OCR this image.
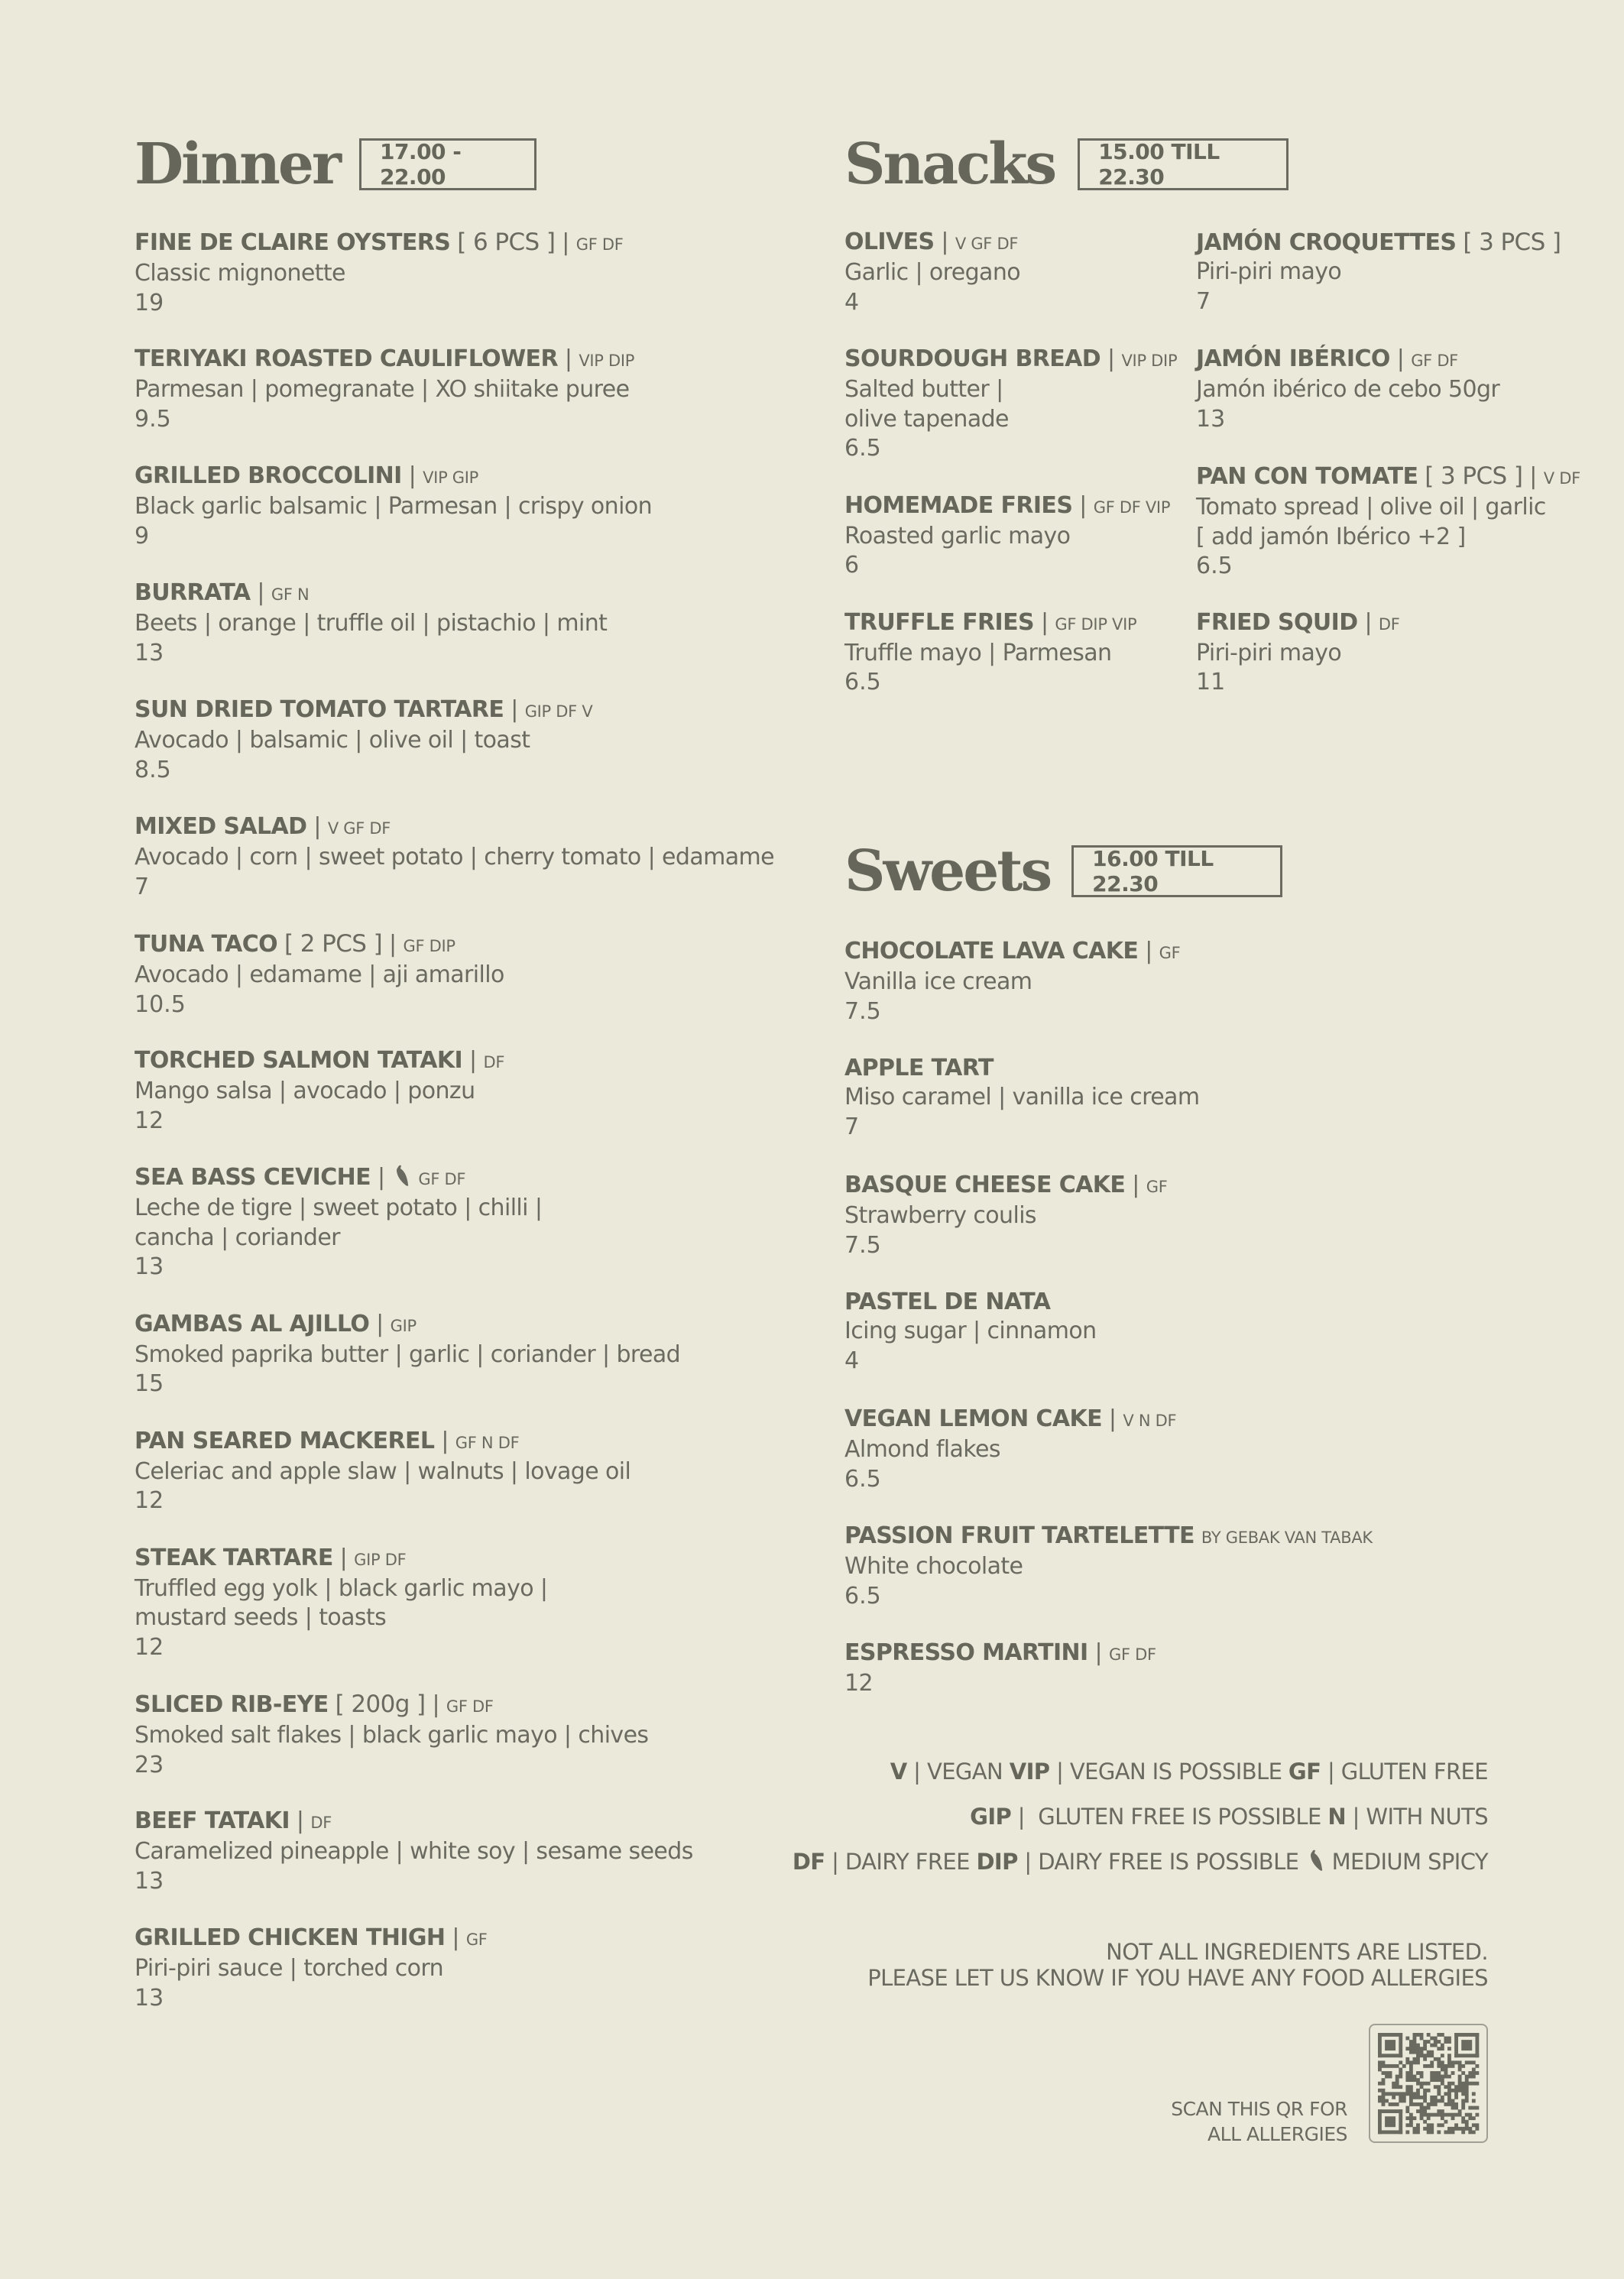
Dinner	17.00 - 22.00
FINE DE CLAIRE OYSTERS [ 6 PCS ] | GF DF
Classic mignonette
19
TERIYAKI ROASTED CAULIFLOWER | VIP DIP
Parmesan | pomegranate | XO shiitake puree
9.5
GRILLED BROCCOLINI | VIP GIP
Black garlic balsamic | Parmesan | crispy onion
9
BURRATA | GF N
Beets | orange | truffle oil | pistachio | mint
13
SUN DRIED TOMATO TARTARE | GIP DF V
Avocado | balsamic | olive oil | toast
8.5
MIXED SALAD | V GF DF
Avocado | corn | sweet potato | cherry tomato | edamame
7
TUNA TACO [ 2 PCS ] | GF DIP
Avocado | edamame | aji amarillo
10.5
TORCHED SALMON TATAKI | DF
Mango salsa | avocado | ponzu
12
SEA BASS CEVICHE |  GF DF
Leche de tigre | sweet potato | chilli |
cancha | coriander
13
GAMBAS AL AJILLO | GIP
Smoked paprika butter | garlic | coriander | bread
15
PAN SEARED MACKEREL | GF N DF
Celeriac and apple slaw | walnuts | lovage oil
12
STEAK TARTARE | GIP DF
Truffled egg yolk | black garlic mayo |
mustard seeds | toasts
12
SLICED RIB-EYE [ 200g ] | GF DF
Smoked salt flakes | black garlic mayo | chives
23
BEEF TATAKI | DF
Caramelized pineapple | white soy | sesame seeds
13
GRILLED CHICKEN THIGH | GF
Piri-piri sauce | torched corn
13
Snacks	15.00 TILL 22.30
OLIVES | V GF DF
Garlic | oregano
4
SOURDOUGH BREAD | VIP DIP
Salted butter |
olive tapenade
6.5
HOMEMADE FRIES | GF DF VIP
Roasted garlic mayo
6
TRUFFLE FRIES | GF DIP VIP
Truffle mayo | Parmesan
6.5
JAMÓN CROQUETTES [ 3 PCS ]
Piri-piri mayo
7
JAMÓN IBÉRICO | GF DF
Jamón ibérico de cebo 50gr
13
PAN CON TOMATE [ 3 PCS ] | V DF
Tomato spread | olive oil | garlic
[ add jamón Ibérico +2 ]
6.5
FRIED SQUID | DF
Piri-piri mayo
11
Sweets	16.00 TILL 22.30
CHOCOLATE LAVA CAKE | GF
Vanilla ice cream
7.5
APPLE TART
Miso caramel | vanilla ice cream
7
BASQUE CHEESE CAKE | GF
Strawberry coulis
7.5
PASTEL DE NATA
Icing sugar | cinnamon
4
VEGAN LEMON CAKE | V N DF
Almond flakes
6.5
PASSION FRUIT TARTELETTE BY GEBAK VAN TABAK
White chocolate
6.5
ESPRESSO MARTINI | GF DF
12
V | VEGAN VIP | VEGAN IS POSSIBLE GF | GLUTEN FREE
GIP |  GLUTEN FREE IS POSSIBLE N | WITH NUTS
DF | DAIRY FREE DIP | DAIRY FREE IS POSSIBLE  MEDIUM SPICY
NOT ALL INGREDIENTS ARE LISTED.
PLEASE LET US KNOW IF YOU HAVE ANY FOOD ALLERGIES
SCAN THIS QR FOR
ALL ALLERGIES
